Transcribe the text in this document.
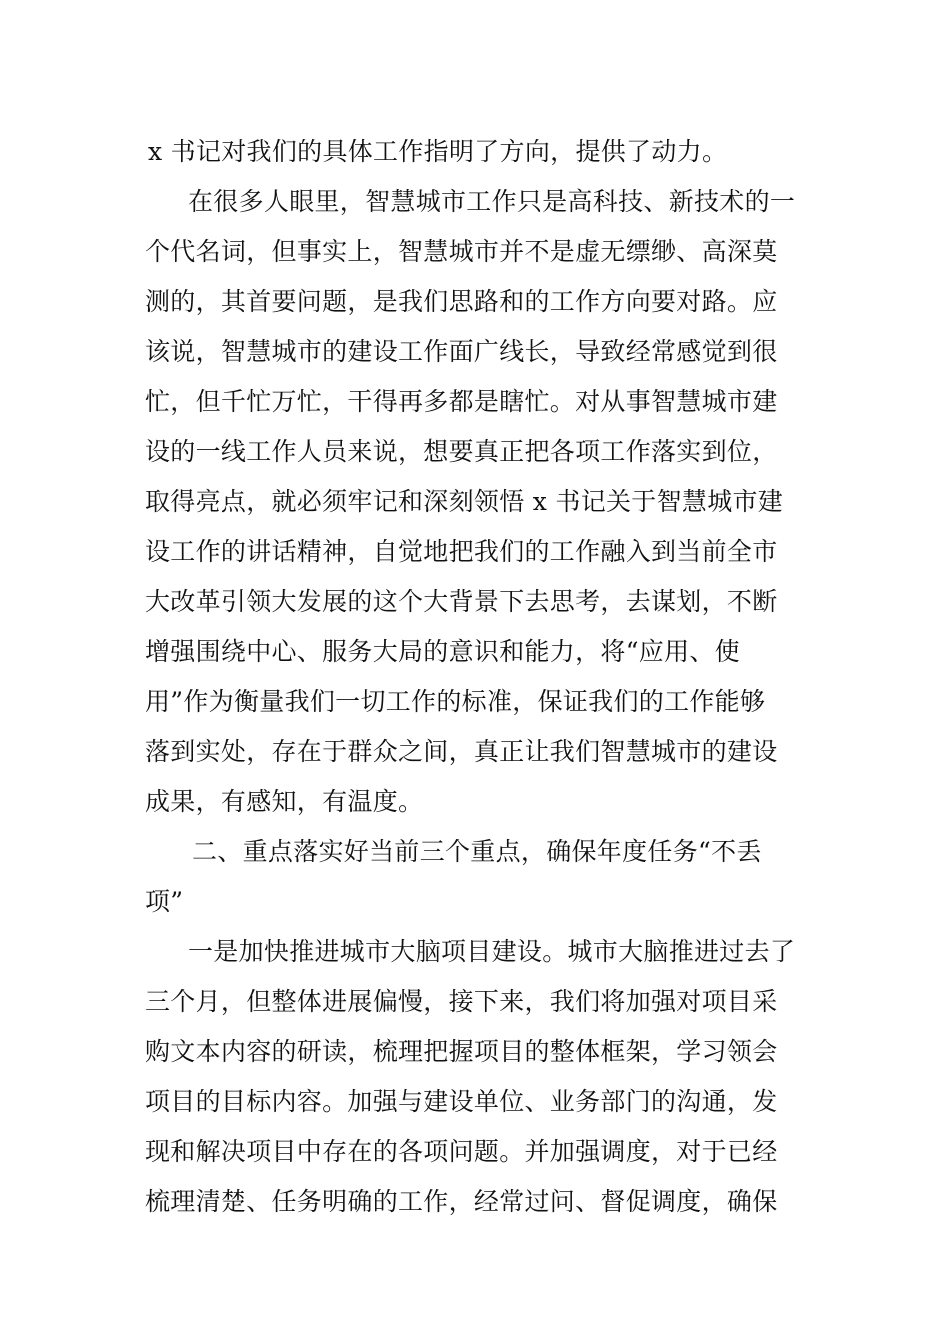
x 书记对我们的具体工作指明了方向，提供了动力。
在很多人眼里，智慧城市工作只是高科技、新技术的一
个代名词，但事实上，智慧城市并不是虚无缥缈、高深莫
测的，其首要问题，是我们思路和的工作方向要对路。应
该说，智慧城市的建设工作面广线长，导致经常感觉到很
忙，但千忙万忙，干得再多都是瞎忙。对从事智慧城市建
设的一线工作人员来说，想要真正把各项工作落实到位，
取得亮点，就必须牢记和深刻领悟 x 书记关于智慧城市建
设工作的讲话精神，自觉地把我们的工作融入到当前全市
大改革引领大发展的这个大背景下去思考，去谋划，不断
增强围绕中心、服务大局的意识和能力，将“应用、使
用”作为衡量我们一切工作的标准，保证我们的工作能够
落到实处，存在于群众之间，真正让我们智慧城市的建设
成果，有感知，有温度。
二、重点落实好当前三个重点，确保年度任务“不丢
项”
一是加快推进城市大脑项目建设。城市大脑推进过去了
三个月，但整体进展偏慢，接下来，我们将加强对项目采
购文本内容的研读，梳理把握项目的整体框架，学习领会
项目的目标内容。加强与建设单位、业务部门的沟通，发
现和解决项目中存在的各项问题。并加强调度，对于已经
梳理清楚、任务明确的工作，经常过问、督促调度，确保
